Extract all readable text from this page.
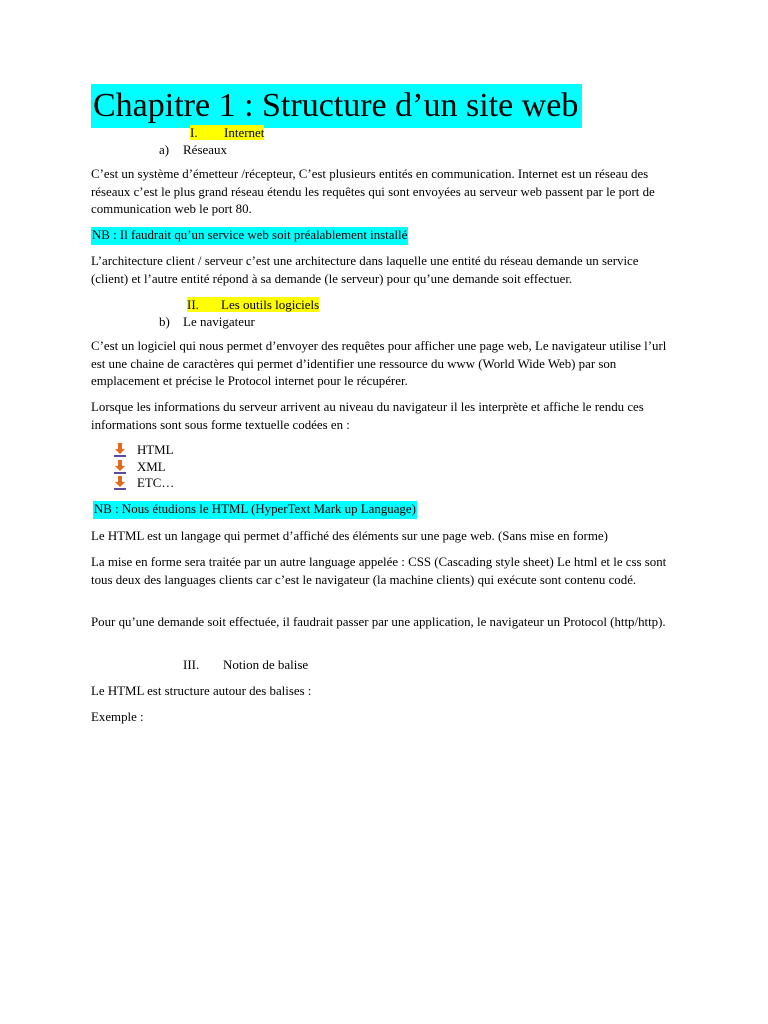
Chapitre 1 : Structure d’un site web
I. Internet
a) Réseaux

C’est un système d’émetteur /récepteur, C’est plusieurs entités en communication. Internet est un réseau des réseaux c’est le plus grand réseau étendu les requêtes qui sont envoyées au serveur web passent par le port de communication web le port 80.

NB : Il faudrait qu’un service web soit préalablement installé

L’architecture client / serveur c’est une architecture dans laquelle une entité du réseau demande un service (client) et l’autre entité répond à sa demande (le serveur) pour qu’une demande soit effectuer.

II. Les outils logiciels
b) Le navigateur

C’est un logiciel qui nous permet d’envoyer des requêtes pour afficher une page web, Le navigateur utilise l’url est une chaine de caractères qui permet d’identifier une ressource du www (World Wide Web) par son emplacement et précise le Protocol internet pour le récupérer.

Lorsque les informations du serveur arrivent au niveau du navigateur il les interprète et affiche le rendu ces informations sont sous forme textuelle codées en :

HTML
XML
ETC…
NB : Nous étudions le HTML (HyperText Mark up Language)

Le HTML est un langage qui permet d’affiché des éléments sur une page web. (Sans mise en forme)

La mise en forme sera traitée par un autre language appelée : CSS (Cascading style sheet) Le html et le css sont tous deux des languages clients car c’est le navigateur (la machine clients) qui exécute sont contenu codé.

Pour qu’une demande soit effectuée, il faudrait passer par une application, le navigateur un Protocol (http/http).

III. Notion de balise

Le HTML est structure autour des balises :

Exemple :
